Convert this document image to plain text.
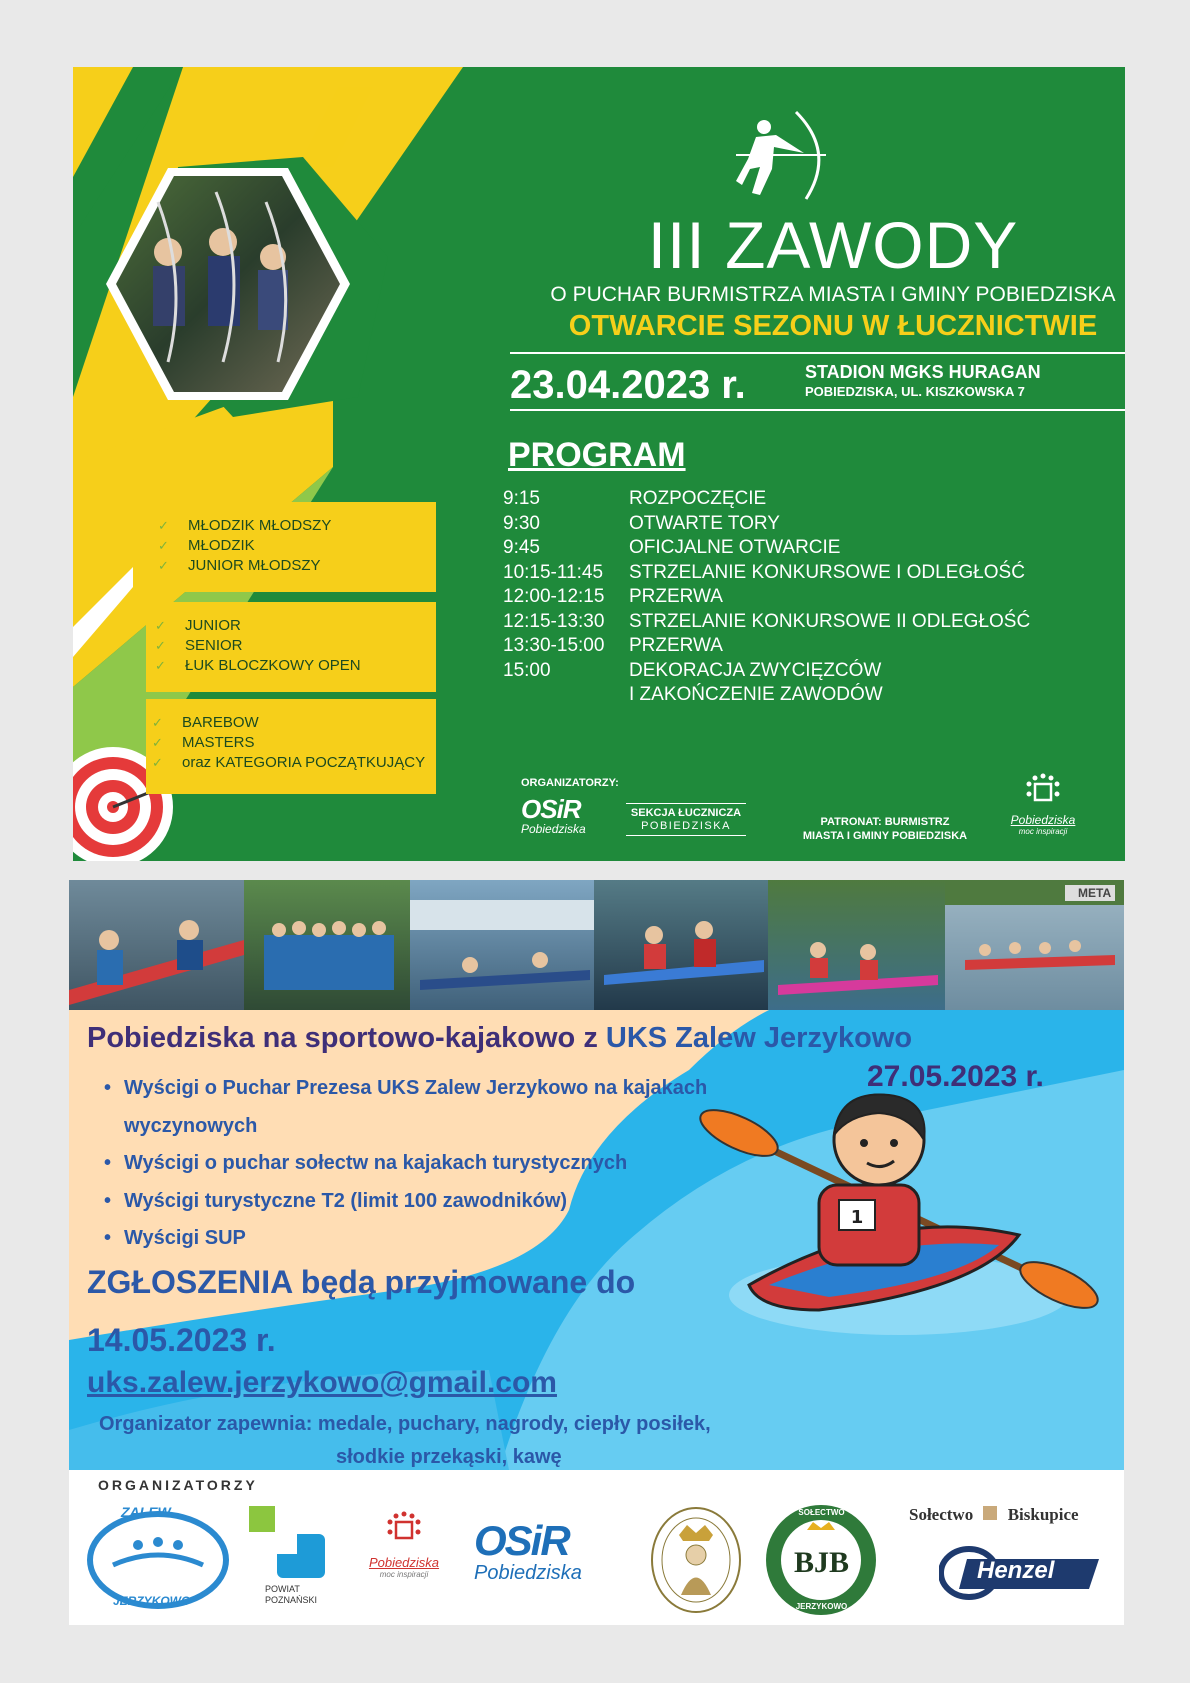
III ZAWODY
O PUCHAR BURMISTRZA MIASTA I GMINY POBIEDZISKA
OTWARCIE SEZONU W ŁUCZNICTWIE
23.04.2023 r.	STADION MGKS HURAGAN
POBIEDZISKA, UL. KISZKOWSKA 7
PROGRAM
9:15	ROZPOCZĘCIE
9:30	OTWARTE TORY
9:45	OFICJALNE OTWARCIE
10:15-11:45	STRZELANIE KONKURSOWE I ODLEGŁOŚĆ
12:00-12:15	PRZERWA
12:15-13:30	STRZELANIE KONKURSOWE II ODLEGŁOŚĆ
13:30-15:00	PRZERWA
15:00	DEKORACJA ZWYCIĘZCÓW
I ZAKOŃCZENIE ZAWODÓW
✓ MŁODZIK MŁODSZY
✓ MŁODZIK
✓ JUNIOR MŁODSZY
✓ JUNIOR
✓ SENIOR
✓ ŁUK BLOCZKOWY OPEN
✓ BAREBOW
✓ MASTERS
✓ oraz KATEGORIA POCZĄTKUJĄCY
ORGANIZATORZY:
OSiR
Pobiedziska
SEKCJA ŁUCZNICZA
POBIEDZISKA	PATRONAT: BURMISTRZ
MIASTA I GMINY POBIEDZISKA
Pobiedziska
moc inspiracji
META
Pobiedziska na sportowo-kajakowo z UKS Zalew Jerzykowo
27.05.2023 r.
• Wyścigi o Puchar Prezesa UKS Zalew Jerzykowo na kajakach
wyczynowych
• Wyścigi o puchar sołectw na kajakach turystycznych
• Wyścigi turystyczne T2 (limit 100 zawodników)
• Wyścigi SUP
ZGŁOSZENIA będą przyjmowane do
14.05.2023 r.
uks.zalew.jerzykowo@gmail.com
Organizator zapewnia: medale, puchary, nagrody, ciepły posiłek,
słodkie przekąski, kawę
1
ORGANIZATORZY
ZALEW
JERZYKOWO
POWIAT
POZNAŃSKI
Pobiedziska
moc inspiracji
OSiR
Pobiedziska	BJB
SOŁECTWO
JERZYKOWO
Sołectwo Biskupice
Henzel
